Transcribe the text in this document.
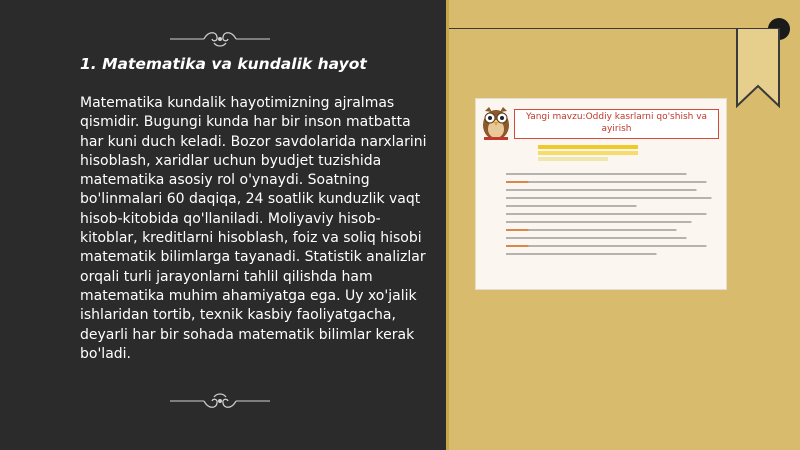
1. Matematika va kundalik hayot

Matematika kundalik hayotimizning ajralmas qismidir. Bugungi kunda har bir inson matbatta har kuni duch keladi. Bozor savdolarida narxlarini hisoblash, xaridlar uchun byudjet tuzishida matematika asosiy rol o'ynaydi. Soatning bo'linmalari 60 daqiqa, 24 soatlik kunduzlik vaqt hisob-kitobida qo'llaniladi. Moliyaviy hisob-kitoblar, kreditlarni hisoblash, foiz va soliq hisobi matematik bilimlarga tayanadi. Statistik analizlar orqali turli jarayonlarni tahlil qilishda ham matematika muhim ahamiyatga ega. Uy xo'jalik ishlaridan tortib, texnik kasbiy faoliyatgacha, deyarli har bir sohada matematik bilimlar kerak bo'ladi.

Yangi mavzu:Oddiy kasrlarni qo'shish va ayirish
